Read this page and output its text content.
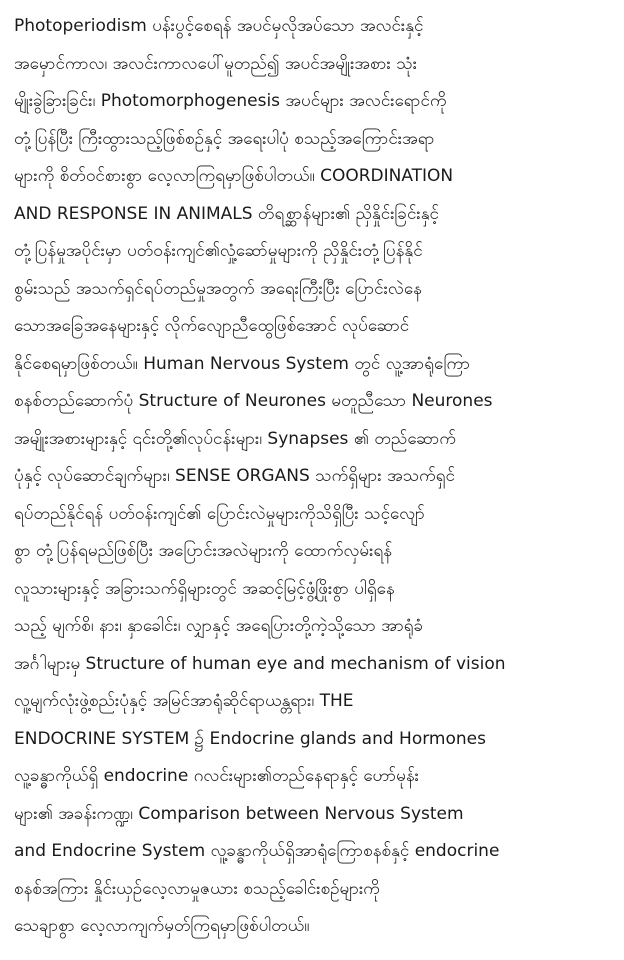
Photoperiodism ပန်းပွင့်စေရန် အပင်မှလိုအပ်သော အလင်းနှင့်
အမှောင်ကာလ၊ အလင်းကာလပေါ်မူတည်၍ အပင်အမျိုးအစား သုံး
မျိုးခွဲခြားခြင်း၊ Photomorphogenesis အပင်များ အလင်းရောင်ကို
တုံ့ပြန်ပြီး ကြီးထွားသည့်ဖြစ်စဉ်နှင့် အရေးပါပုံ စသည့်အကြောင်းအရာ
များကို စိတ်ဝင်စားစွာ လေ့လာကြရမှာဖြစ်ပါတယ်။ COORDINATION
AND RESPONSE IN ANIMALS တိရစ္ဆာန်များ၏ ညှိနှိုင်းခြင်းနှင့်
တုံ့ပြန်မှုအပိုင်းမှာ ပတ်ဝန်းကျင်၏လှုံ့ဆော်မှုများကို ညှိနှိုင်းတုံ့ပြန်နိုင်
စွမ်းသည် အသက်ရှင်ရပ်တည်မှုအတွက် အရေးကြီးပြီး ပြောင်းလဲနေ
သောအခြေအနေများနှင့် လိုက်လျောညီထွေဖြစ်အောင် လုပ်ဆောင်
နိုင်စေရမှာဖြစ်တယ်။ Human Nervous System တွင် လူ့အာရုံကြော
စနစ်တည်ဆောက်ပုံ Structure of Neurones မတူညီသော Neurones
အမျိုးအစားများနှင့် ၎င်းတို့၏လုပ်ငန်းများ၊ Synapses ၏ တည်ဆောက်
ပုံနှင့် လုပ်ဆောင်ချက်များ၊ SENSE ORGANS သက်ရှိများ အသက်ရှင်
ရပ်တည်နိုင်ရန် ပတ်ဝန်းကျင်၏ ပြောင်းလဲမှုများကိုသိရှိပြီး သင့်လျော်
စွာ တုံ့ပြန်ရမည်ဖြစ်ပြီး အပြောင်းအလဲများကို ထောက်လှမ်းရန်
လူသားများနှင့် အခြားသက်ရှိများတွင် အဆင့်မြင့်ဖွံ့ဖြိုးစွာ ပါရှိနေ
သည့် မျက်စိ၊ နား၊ နှာခေါင်း၊ လျှာနှင့် အရေပြားတို့ကဲ့သို့သော အာရုံခံ
အင်္ဂါများမှ Structure of human eye and mechanism of vision
လူ့မျက်လုံးဖွဲ့စည်းပုံနှင့် အမြင်အာရုံဆိုင်ရာယန္တရား၊ THE
ENDOCRINE SYSTEM ၌ Endocrine glands and Hormones
လူ့ခန္ဓာကိုယ်ရှိ endocrine ဂလင်းများ၏တည်နေရာနှင့် ဟော်မုန်း
များ၏ အခန်းကဏ္ဍ၊ Comparison between Nervous System
and Endocrine System လူ့ခန္ဓာကိုယ်ရှိအာရုံကြောစနစ်နှင့် endocrine
စနစ်အကြား နှိုင်းယှဉ်လေ့လာမှုဇယား စသည့်ခေါင်းစဉ်များကို
သေချာစွာ လေ့လာကျက်မှတ်ကြရမှာဖြစ်ပါတယ်။
